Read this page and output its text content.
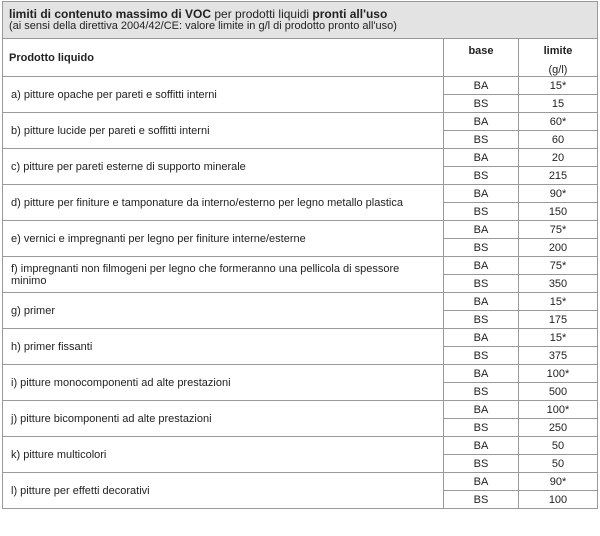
limiti di contenuto massimo di VOC per prodotti liquidi pronti all'uso
(ai sensi della direttiva 2004/42/CE: valore limite in g/l di prodotto pronto all'uso)		

Prodotto liquido	base	limite
(g/l)

a) pitture opache per pareti e soffitti interni	BA	15*
	BS	15
b) pitture lucide per pareti e soffitti interni	BA	60*
	BS	60
c) pitture per pareti esterne di supporto minerale	BA	20
	BS	215
d) pitture per finiture e tamponature da interno/esterno per legno metallo plastica	BA	90*
	BS	150
e) vernici e impregnanti per legno per finiture interne/esterne	BA	75*
	BS	200
f) impregnanti non filmogeni per legno che formeranno una pellicola di spessore minimo	BA	75*
	BS	350
g) primer	BA	15*
	BS	175
h) primer fissanti	BA	15*
	BS	375
i) pitture monocomponenti ad alte prestazioni	BA	100*
	BS	500
j) pitture bicomponenti ad alte prestazioni	BA	100*
	BS	250
k) pitture multicolori	BA	50
	BS	50
l) pitture per effetti decorativi	BA	90*
	BS	100
